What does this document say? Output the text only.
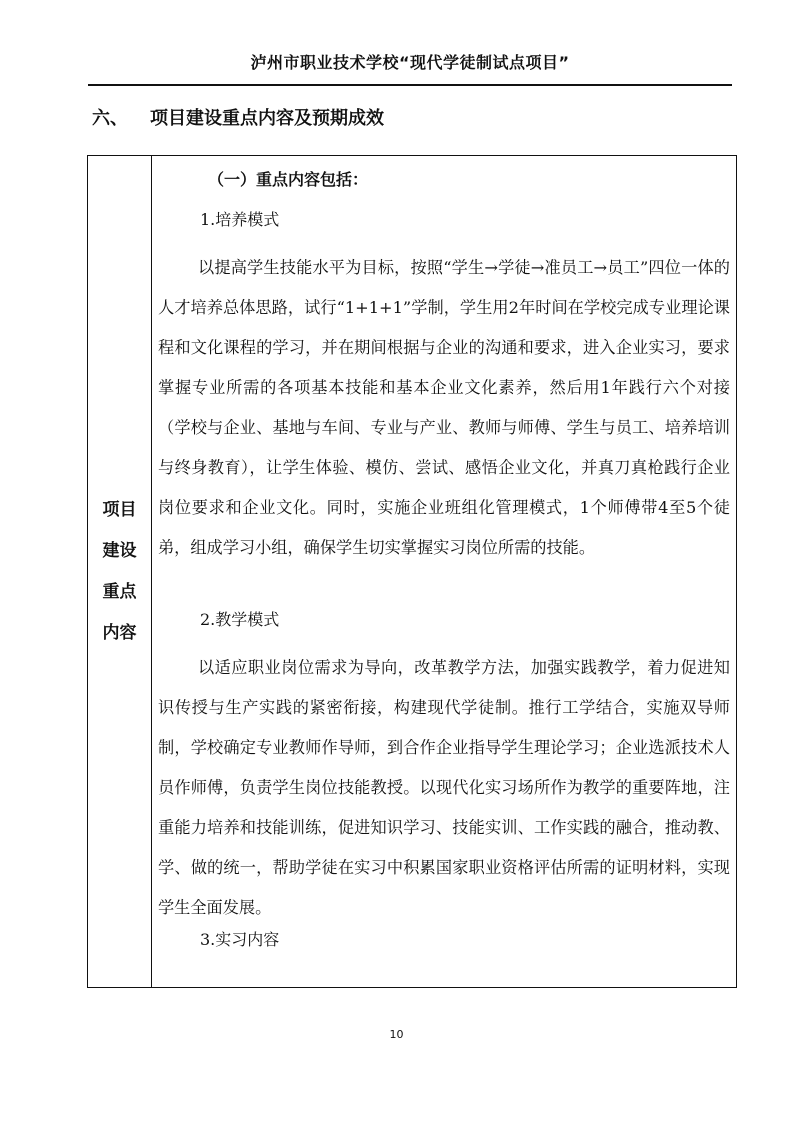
泸州市职业技术学校“现代学徒制试点项目”
六、 项目建设重点内容及预期成效
项目
建设
重点
内容
（一）重点内容包括：
1.培养模式

以提高学生技能水平为目标，按照“学生→学徒→准员工→员工”四位一体的人才培养总体思路，试行“1+1+1”学制，学生用2年时间在学校完成专业理论课程和文化课程的学习，并在期间根据与企业的沟通和要求，进入企业实习，要求掌握专业所需的各项基本技能和基本企业文化素养，然后用1年践行六个对接（学校与企业、基地与车间、专业与产业、教师与师傅、学生与员工、培养培训与终身教育），让学生体验、模仿、尝试、感悟企业文化，并真刀真枪践行企业岗位要求和企业文化。同时，实施企业班组化管理模式，1个师傅带4至5个徒弟，组成学习小组，确保学生切实掌握实习岗位所需的技能。

2.教学模式

以适应职业岗位需求为导向，改革教学方法，加强实践教学，着力促进知识传授与生产实践的紧密衔接，构建现代学徒制。推行工学结合，实施双导师制，学校确定专业教师作导师，到合作企业指导学生理论学习；企业选派技术人员作师傅，负责学生岗位技能教授。以现代化实习场所作为教学的重要阵地，注重能力培养和技能训练，促进知识学习、技能实训、工作实践的融合，推动教、学、做的统一，帮助学徒在实习中积累国家职业资格评估所需的证明材料，实现学生全面发展。

3.实习内容
10
